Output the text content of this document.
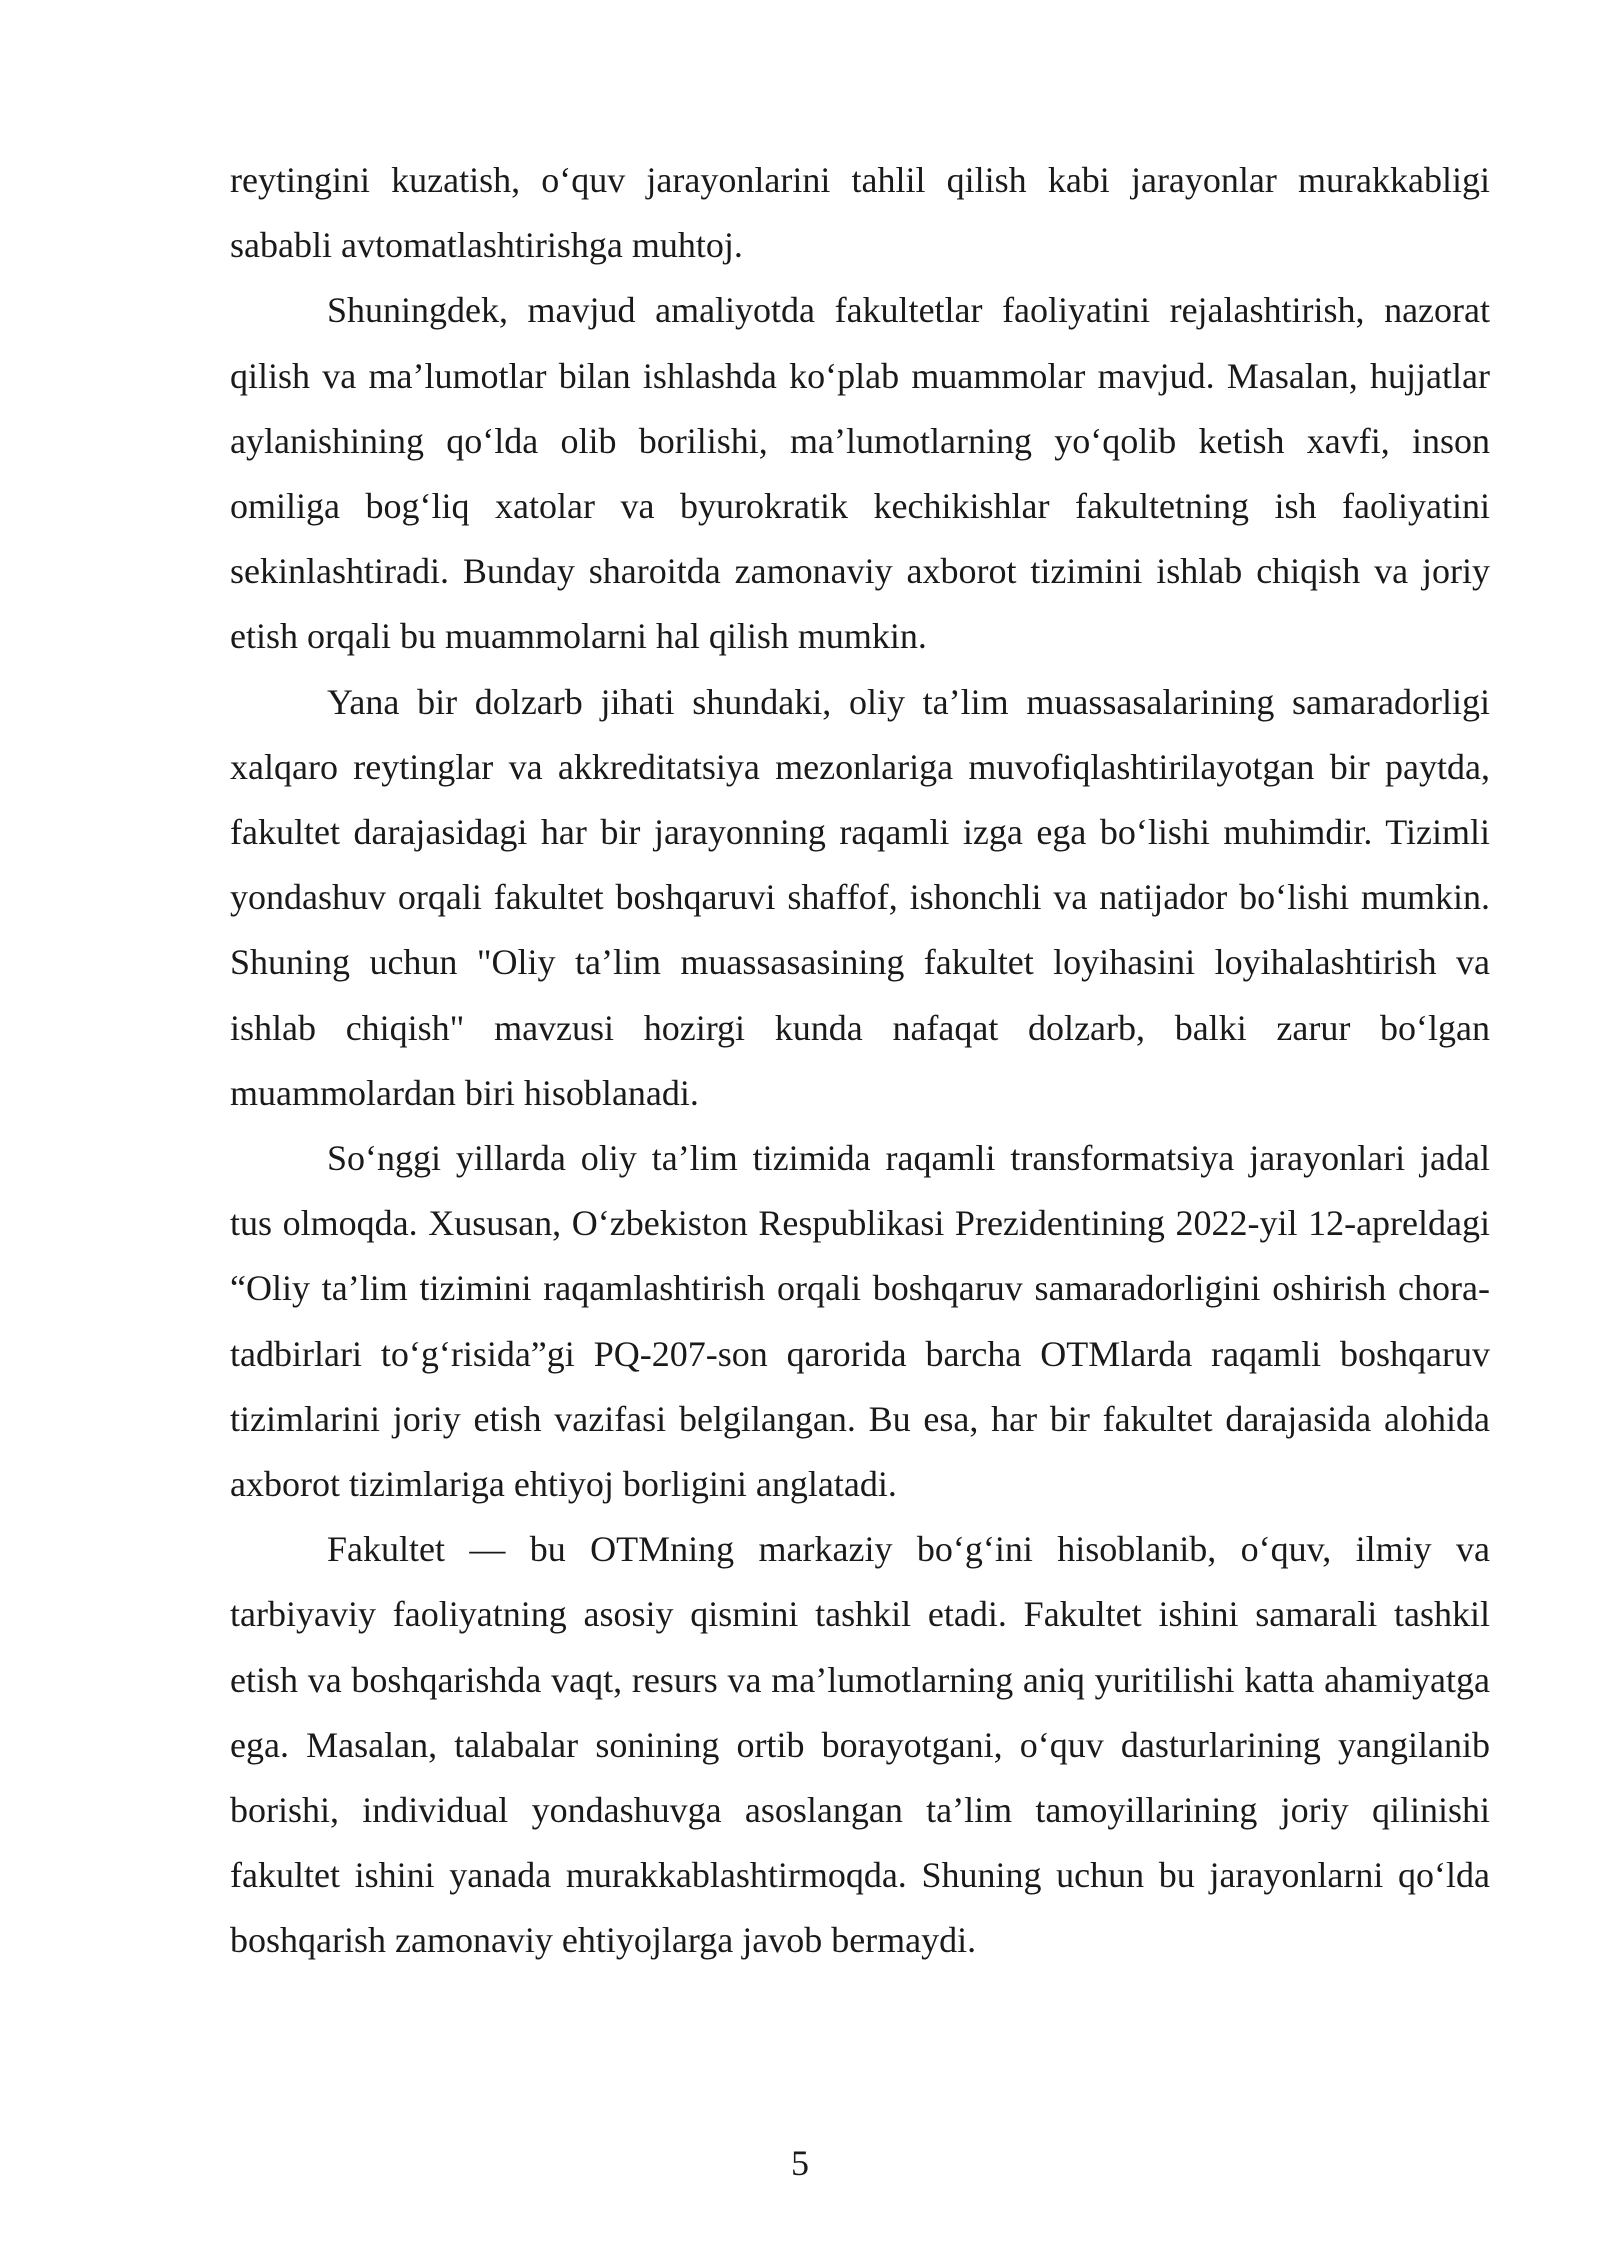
reytingini kuzatish, o‘quv jarayonlarini tahlil qilish kabi jarayonlar murakkabligi sababli avtomatlashtirishga muhtoj.

Shuningdek, mavjud amaliyotda fakultetlar faoliyatini rejalashtirish, nazorat qilish va ma’lumotlar bilan ishlashda ko‘plab muammolar mavjud. Masalan, hujjatlar aylanishining qo‘lda olib borilishi, ma’lumotlarning yo‘qolib ketish xavfi, inson omiliga bog‘liq xatolar va byurokratik kechikishlar fakultetning ish faoliyatini sekinlashtiradi. Bunday sharoitda zamonaviy axborot tizimini ishlab chiqish va joriy etish orqali bu muammolarni hal qilish mumkin.

Yana bir dolzarb jihati shundaki, oliy ta’lim muassasalarining samaradorligi xalqaro reytinglar va akkreditatsiya mezonlariga muvofiqlashtirilayotgan bir paytda, fakultet darajasidagi har bir jarayonning raqamli izga ega bo‘lishi muhimdir. Tizimli yondashuv orqali fakultet boshqaruvi shaffof, ishonchli va natijador bo‘lishi mumkin. Shuning uchun "Oliy ta’lim muassasasining fakultet loyihasini loyihalashtirish va ishlab chiqish" mavzusi hozirgi kunda nafaqat dolzarb, balki zarur bo‘lgan muammolardan biri hisoblanadi.

So‘nggi yillarda oliy ta’lim tizimida raqamli transformatsiya jarayonlari jadal tus olmoqda. Xususan, O‘zbekiston Respublikasi Prezidentining 2022-yil 12-apreldagi “Oliy ta’lim tizimini raqamlashtirish orqali boshqaruv samaradorligini oshirish chora-tadbirlari to‘g‘risida”gi PQ-207-son qarorida barcha OTMlarda raqamli boshqaruv tizimlarini joriy etish vazifasi belgilangan. Bu esa, har bir fakultet darajasida alohida axborot tizimlariga ehtiyoj borligini anglatadi.

Fakultet — bu OTMning markaziy bo‘g‘ini hisoblanib, o‘quv, ilmiy va tarbiyaviy faoliyatning asosiy qismini tashkil etadi. Fakultet ishini samarali tashkil etish va boshqarishda vaqt, resurs va ma’lumotlarning aniq yuritilishi katta ahamiyatga ega. Masalan, talabalar sonining ortib borayotgani, o‘quv dasturlarining yangilanib borishi, individual yondashuvga asoslangan ta’lim tamoyillarining joriy qilinishi fakultet ishini yanada murakkablashtirmoqda. Shuning uchun bu jarayonlarni qo‘lda boshqarish zamonaviy ehtiyojlarga javob bermaydi.

5
